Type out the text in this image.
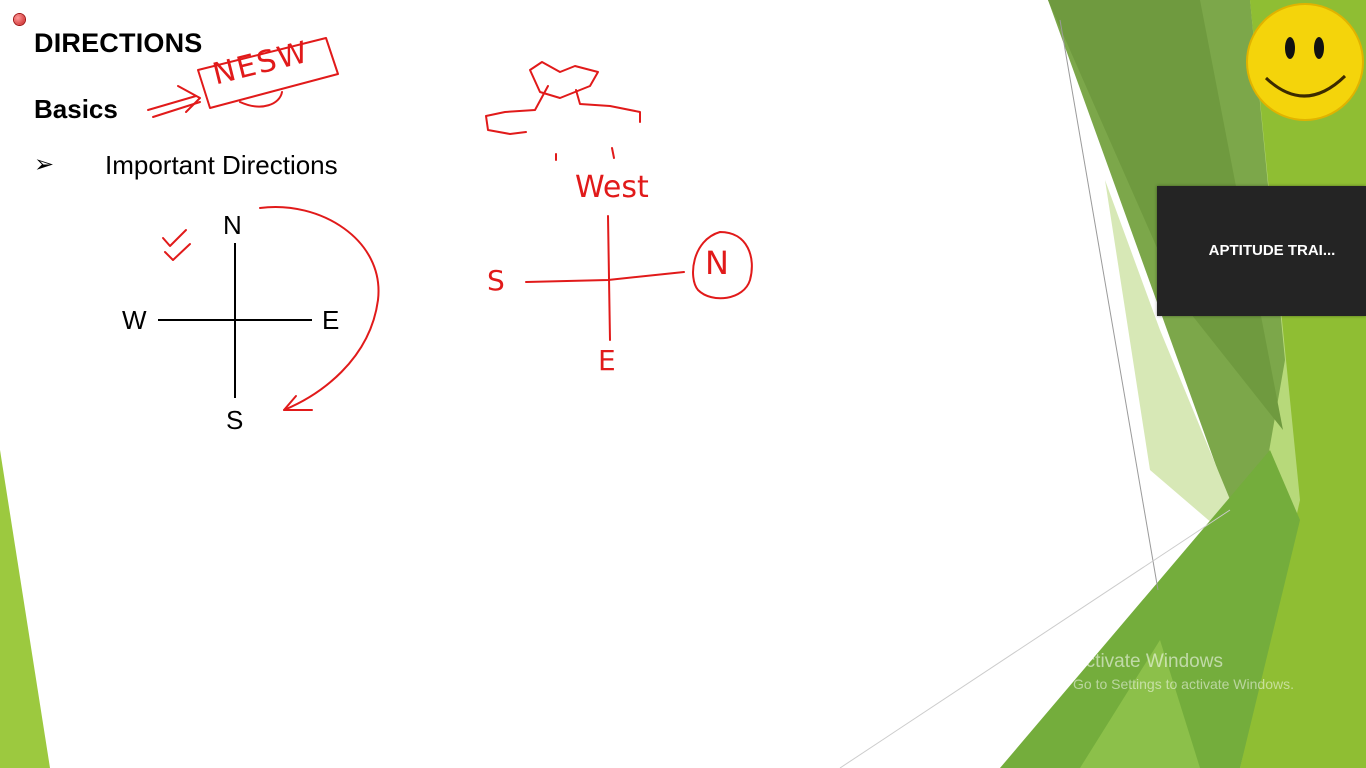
DIRECTIONS
Basics
➢ Important Directions
N
S
E
W
NESW
West
S	N
E
APTITUDE TRAI...
Activate Windows
Go to Settings to activate Windows.
